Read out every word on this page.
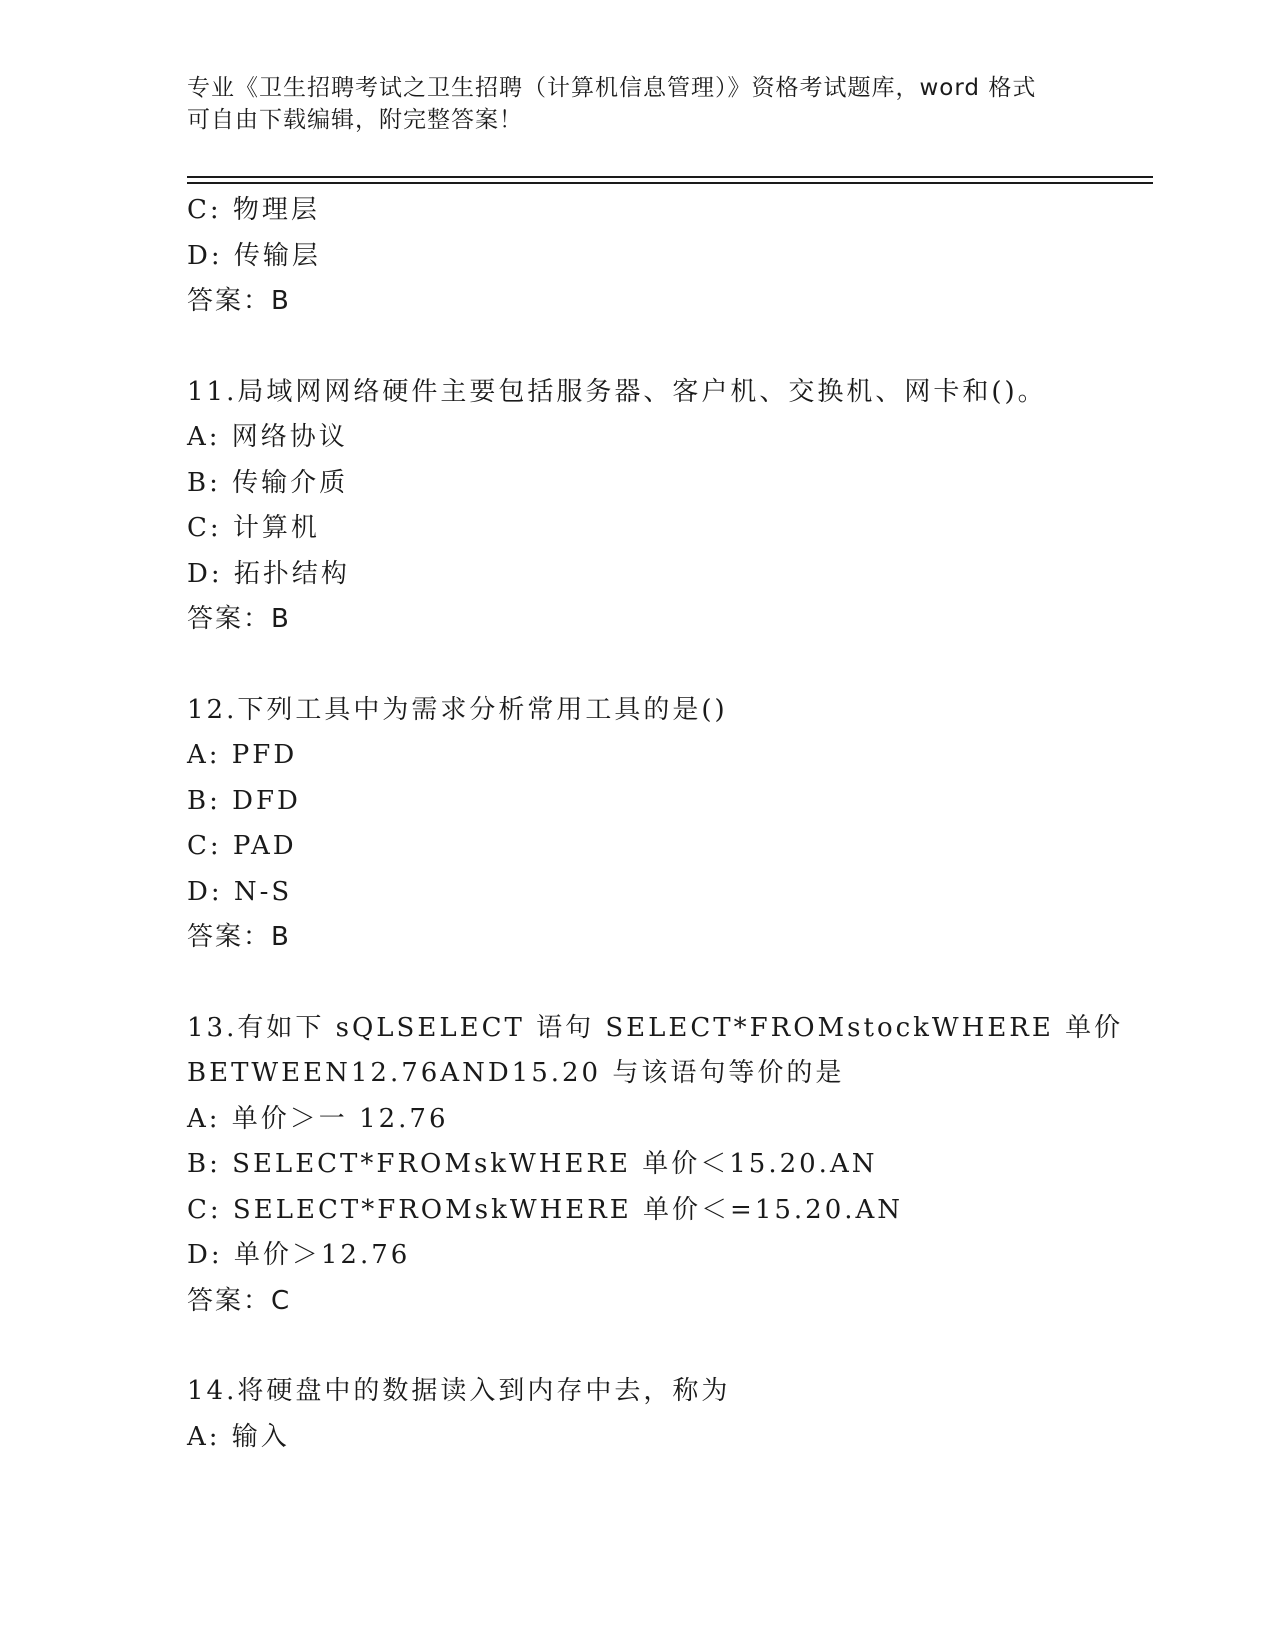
专业《卫生招聘考试之卫生招聘（计算机信息管理）》资格考试题库，word 格式
可自由下载编辑，附完整答案！
C: 物理层
D: 传输层
答案：B
11.局域网网络硬件主要包括服务器、客户机、交换机、网卡和()。
A: 网络协议
B: 传输介质
C: 计算机
D: 拓扑结构
答案：B
12.下列工具中为需求分析常用工具的是()
A: PFD
B: DFD
C: PAD
D: N-S
答案：B
13.有如下 sQLSELECT 语句 SELECT*FROMstockWHERE 单价
BETWEEN12.76AND15.20 与该语句等价的是
A: 单价＞一 12.76
B: SELECT*FROMskWHERE 单价＜15.20.AN
C: SELECT*FROMskWHERE 单价＜=15.20.AN
D: 单价＞12.76
答案：C
14.将硬盘中的数据读入到内存中去，称为
A: 输入
